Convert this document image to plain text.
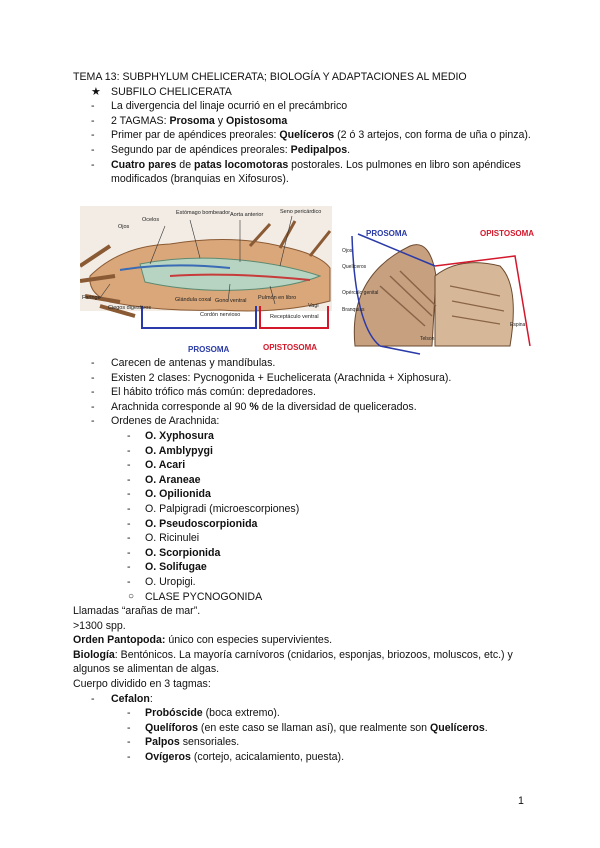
TEMA 13: SUBPHYLUM CHELICERATA; BIOLOGÍA Y ADAPTACIONES AL MEDIO
★ SUBFILO CHELICERATA
- La divergencia del linaje ocurrió en el precámbrico
- 2 TAGMAS: Prosoma y Opistosoma
- Primer par de apéndices preorales: Quelíceros (2 ó 3 artejos, con forma de uña o pinza).
- Segundo par de apéndices preorales: Pedipalpos.
- Cuatro pares de patas locomotoras postorales. Los pulmones en libro son apéndices modificados (branquias en Xifosuros).
Ojos
Ocelos
Estómago bombeador Aorta anterior	Seno pericárdico
Faringe
Ciegos digestivos
Glándula coxal Gono ventral Pulmón en libro
Vagi
Cordón nervioso	Receptáculo ventral
PROSOMA	OPISTOSOMA
PROSOMA	OPISTOSOMA
Ojos
Quelíceros
Opérculo genital
Branquias
Espina
Telson
- Carecen de antenas y mandíbulas.
- Existen 2 clases: Pycnogonida + Euchelicerata (Arachnida + Xiphosura).
- El hábito trófico más común: depredadores.
- Arachnida corresponde al 90 % de la diversidad de quelicerados.
- Ordenes de Arachnida:
- O. Xyphosura
- O. Amblypygi
- O. Acari
- O. Araneae
- O. Opilionida
- O. Palpigradi (microescorpiones)
- O. Pseudoscorpionida
- O. Ricinulei
- O. Scorpionida
- O. Solifugae
- O. Uropigi.
○ CLASE PYCNOGONIDA
Llamadas “arañas de mar”.
>1300 spp.
Orden Pantopoda: único con especies supervivientes.
Biología: Bentónicos. La mayoría carnívoros (cnidarios, esponjas, briozoos, moluscos, etc.) y algunos se alimentan de algas.
Cuerpo dividido en 3 tagmas:
- Cefalon:
- Probóscide (boca extremo).
- Quelíforos (en este caso se llaman así), que realmente son Quelíceros.
- Palpos sensoriales.
- Ovígeros (cortejo, acicalamiento, puesta).
1
